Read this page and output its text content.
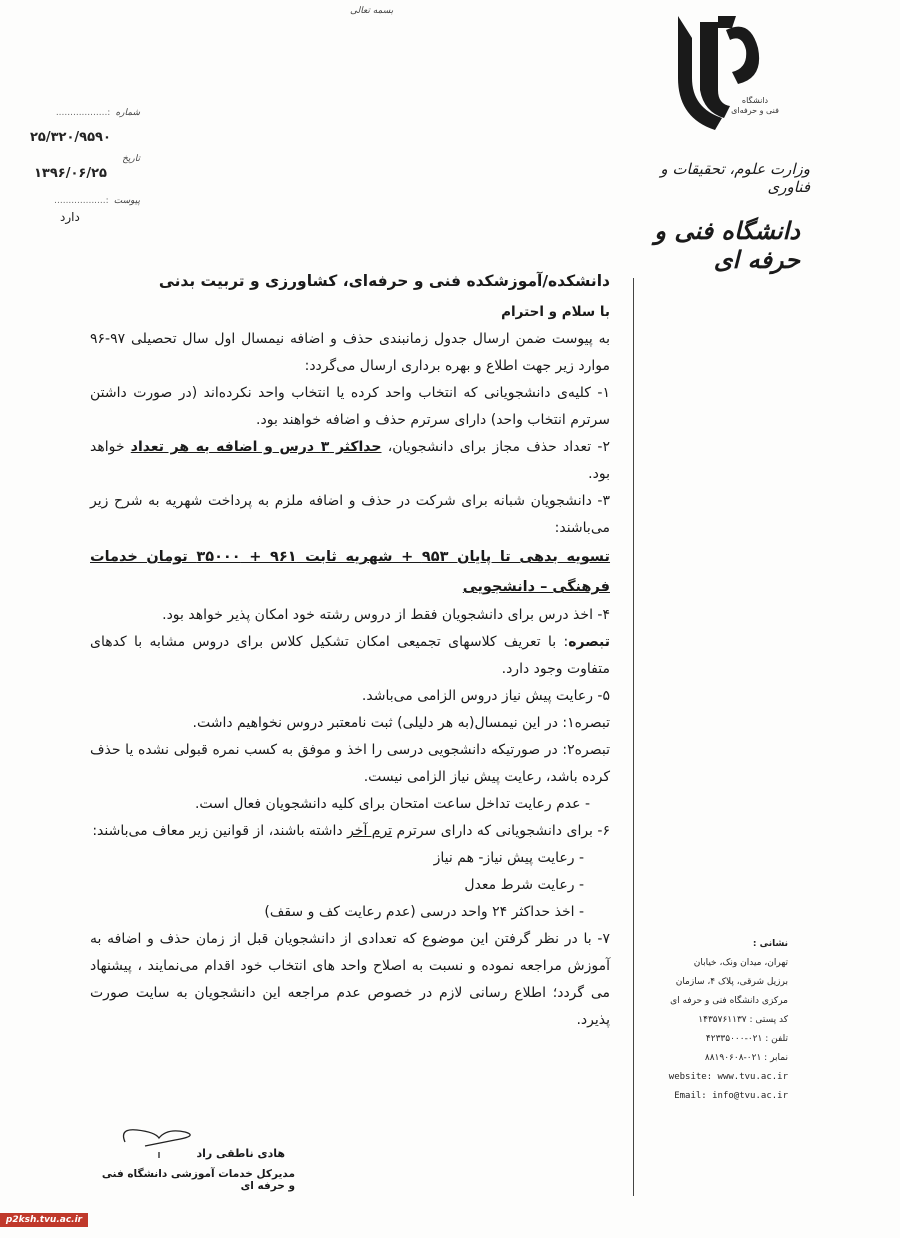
بسمه تعالی
شماره :..................
۲۵/۳۲۰/۹۵۹۰
تاریخ
۱۳۹۶/۰۶/۲۵
پیوست :..................
دارد
دانشگاه
فنی و حرفه‌ای
وزارت علوم، تحقیقات و فناوری
دانشگاه فنی و حرفه ای

دانشکده/آموزشکده فنی و حرفه‌ای، کشاورزی و تربیت بدنی

با سلام و احترام

به پیوست ضمن ارسال جدول زمانبندی حذف و اضافه نیمسال اول سال تحصیلی ۹۷-۹۶ موارد زیر جهت اطلاع و بهره برداری ارسال می‌گردد:

۱- کلیه‌ی دانشجویانی که انتخاب واحد کرده یا انتخاب واحد نکرده‌اند (در صورت داشتن سرترم انتخاب واحد) دارای سرترم حذف و اضافه خواهند بود.

۲- تعداد حذف مجاز برای دانشجویان، حداکثر ۳ درس و اضافه به هر تعداد خواهد بود.

۳- دانشجویان شبانه برای شرکت در حذف و اضافه ملزم به پرداخت شهریه به شرح زیر می‌باشند:

تسویه بدهی تا پایان ۹۵۳ + شهریه ثابت ۹۶۱ + ۳۵۰۰۰ تومان خدمات فرهنگی – دانشجویی

۴- اخذ درس برای دانشجویان فقط از دروس رشته خود امکان پذیر خواهد بود.

تبصره: با تعریف کلاسهای تجمیعی امکان تشکیل کلاس برای دروس مشابه با کدهای متفاوت وجود دارد.

۵- رعایت پیش نیاز دروس الزامی می‌باشد.

تبصره۱: در این نیمسال(به هر دلیلی) ثبت نامعتبر دروس نخواهیم داشت.

تبصره۲: در صورتیکه دانشجویی درسی را اخذ و موفق به کسب نمره قبولی نشده یا حذف کرده باشد، رعایت پیش نیاز الزامی نیست.

- عدم رعایت تداخل ساعت امتحان برای کلیه دانشجویان فعال است.

۶- برای دانشجویانی که دارای سرترم ترم آخر داشته باشند، از قوانین زیر معاف می‌باشند:

- رعایت پیش نیاز- هم نیاز

- رعایت شرط معدل

- اخذ حداکثر ۲۴ واحد درسی (عدم رعایت کف و سقف)

۷- با در نظر گرفتن این موضوع که تعدادی از دانشجویان قبل از زمان حذف و اضافه به آموزش مراجعه نموده و نسبت به اصلاح واحد های انتخاب خود اقدام می‌نمایند ، پیشنهاد می گردد؛ اطلاع رسانی لازم در خصوص عدم مراجعه این دانشجویان به سایت صورت پذیرد.

هادی ناطقی راد
مدیرکل خدمات آموزشی دانشگاه فنی و حرفه ای
نشانی :
تهران، میدان ونک، خیابان
برزیل شرقی، پلاک ۴، سازمان
مرکزی دانشگاه فنی و حرفه ای
کد پستی : ۱۴۳۵۷۶۱۱۳۷
تلفن : ۰۲۱-۴۲۳۳۵۰۰۰
نمابر : ۰۲۱-۸۸۱۹۰۶۰۸
website: www.tvu.ac.ir
Email: info@tvu.ac.ir
p2ksh.tvu.ac.ir
